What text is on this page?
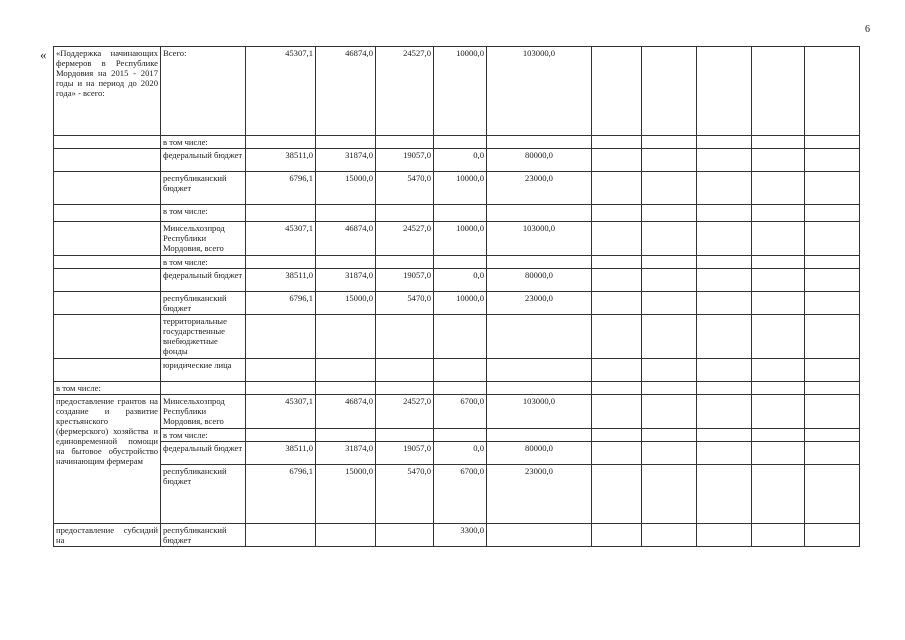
6
« «Поддержка начинающих фермеров в Республике Мордовия на 2015 - 2017 годы и на период до 2020 года» - всего:	Всего:	45307,1	46874,0	24527,0	10000,0	103000,0					
	в том числе:										
	федеральный бюджет	38511,0	31874,0	19057,0	0,0	80000,0					
	республиканский бюджет	6796,1	15000,0	5470,0	10000,0	23000,0					
	в том числе:										
	Минсельхозпрод Республики Мордовия, всего	45307,1	46874,0	24527,0	10000,0	103000,0					
	в том числе:										
	федеральный бюджет	38511,0	31874,0	19057,0	0,0	80000,0					
	республиканский бюджет	6796,1	15000,0	5470,0	10000,0	23000,0					
	территориальные государственные внебюджетные фонды										
	юридические лица										
в том числе:											
предоставление грантов на создание и развитие крестьянского (фермерского) хозяйства и единовременной помощи на бытовое обустройство начинающим фермерам	Минсельхозпрод Республики Мордовия, всего	45307,1	46874,0	24527,0	6700,0	103000,0					
	в том числе:										
	федеральный бюджет	38511,0	31874,0	19057,0	0,0	80000,0					
	республиканский бюджет	6796,1	15000,0	5470,0	6700,0	23000,0					
предоставление субсидий на	республиканский бюджет				3300,0						
